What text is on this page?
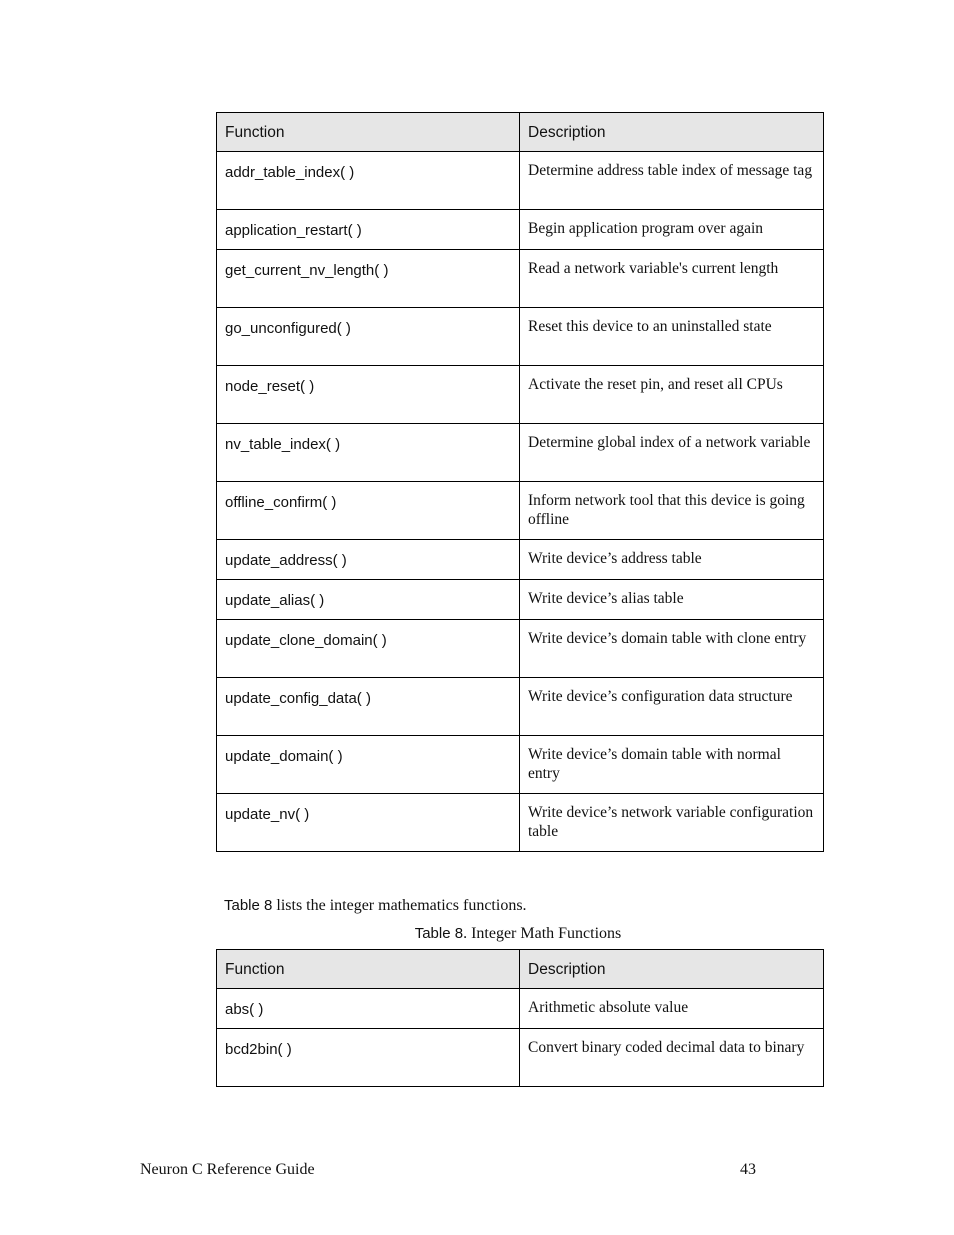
Function	Description
addr_table_index( )	Determine address table index of message tag
application_restart( )	Begin application program over again
get_current_nv_length( )	Read a network variable's current length
go_unconfigured( )	Reset this device to an uninstalled state
node_reset( )	Activate the reset pin, and reset all CPUs
nv_table_index( )	Determine global index of a network variable
offline_confirm( )	Inform network tool that this device is going offline
update_address( )	Write device’s address table
update_alias( )	Write device’s alias table
update_clone_domain( )	Write device’s domain table with clone entry
update_config_data( )	Write device’s configuration data structure
update_domain( )	Write device’s domain table with normal entry
update_nv( )	Write device’s network variable configuration table
Table 8 lists the integer mathematics functions.
Table 8. Integer Math Functions
Function	Description
abs( )	Arithmetic absolute value
bcd2bin( )	Convert binary coded decimal data to binary
Neuron C Reference Guide	43
